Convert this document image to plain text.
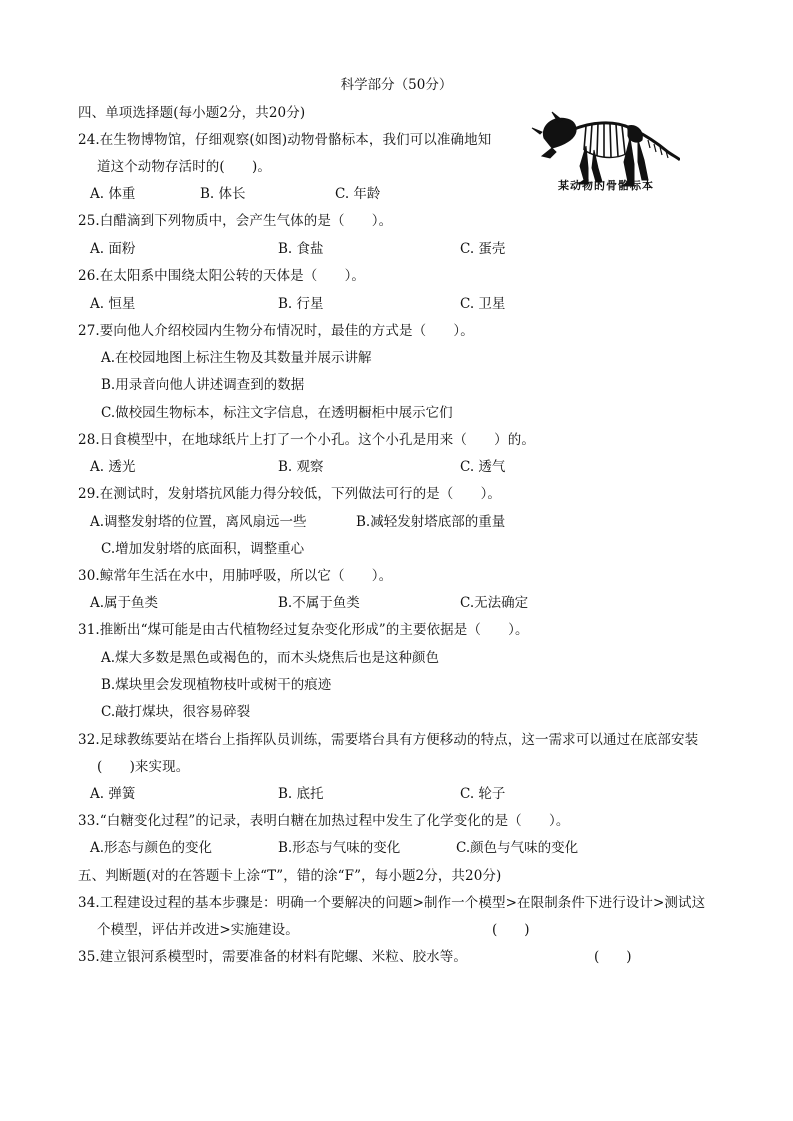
科学部分（50分）
四、单项选择题(每小题2分，共20分)
某动物的骨骼标本
24.在生物博物馆，仔细观察(如图)动物骨骼标本，我们可以准确地知
道这个动物存活时的(　　)。
A. 体重	B. 体长	C. 年龄
25.白醋滴到下列物质中，会产生气体的是（　　）。
A. 面粉	B. 食盐	C. 蛋壳
26.在太阳系中围绕太阳公转的天体是（　　）。
A. 恒星	B. 行星	C. 卫星
27.要向他人介绍校园内生物分布情况时，最佳的方式是（　　）。
A.在校园地图上标注生物及其数量并展示讲解
B.用录音向他人讲述调查到的数据
C.做校园生物标本，标注文字信息，在透明橱柜中展示它们
28.日食模型中，在地球纸片上打了一个小孔。这个小孔是用来（　　）的。
A. 透光	B. 观察	C. 透气
29.在测试时，发射塔抗风能力得分较低，下列做法可行的是（　　）。
A.调整发射塔的位置，离风扇远一些	B.减轻发射塔底部的重量
C.增加发射塔的底面积，调整重心
30.鲸常年生活在水中，用肺呼吸，所以它（　　）。
A.属于鱼类	B.不属于鱼类	C.无法确定
31.推断出“煤可能是由古代植物经过复杂变化形成”的主要依据是（　　）。
A.煤大多数是黑色或褐色的，而木头烧焦后也是这种颜色
B.煤块里会发现植物枝叶或树干的痕迹
C.敲打煤块，很容易碎裂
32.足球教练要站在塔台上指挥队员训练，需要塔台具有方便移动的特点，这一需求可以通过在底部安装
(　　)来实现。
A. 弹簧	B. 底托	C. 轮子
33.“白糖变化过程”的记录，表明白糖在加热过程中发生了化学变化的是（　　）。
A.形态与颜色的变化	B.形态与气味的变化	C.颜色与气味的变化
五、判断题(对的在答题卡上涂“T”，错的涂“F”，每小题2分，共20分)
34.工程建设过程的基本步骤是：明确一个要解决的问题>制作一个模型>在限制条件下进行设计>测试这
个模型，评估并改进>实施建设。	(　　)
35.建立银河系模型时，需要准备的材料有陀螺、米粒、胶水等。	(　　)
